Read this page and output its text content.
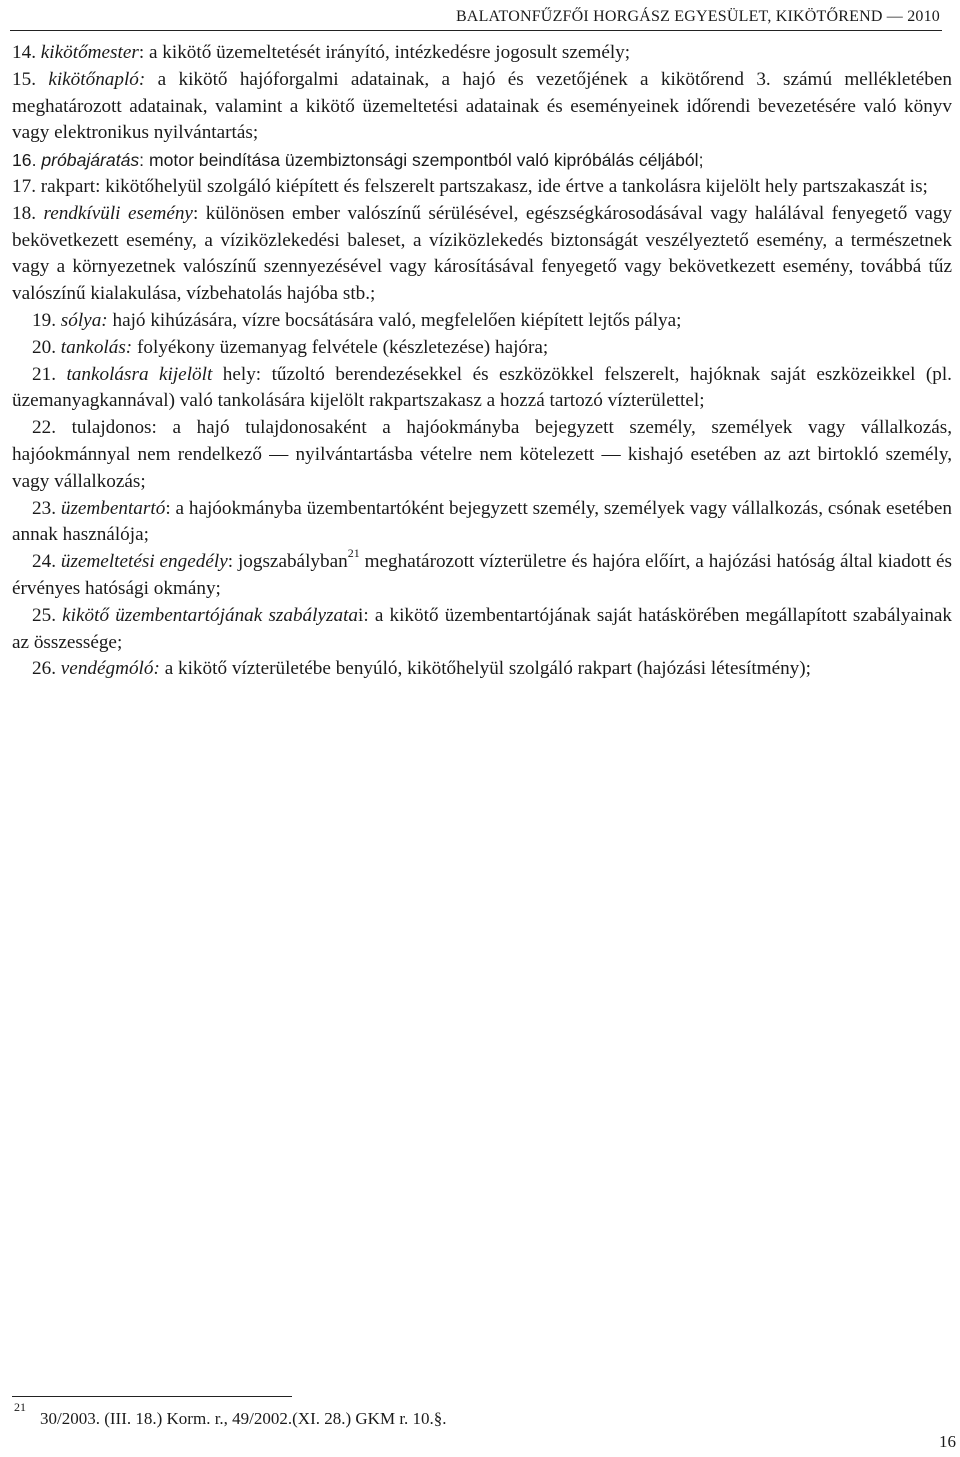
BALATONFŰZFŐI HORGÁSZ EGYESÜLET, KIKÖTŐREND — 2010

14. kikötőmester: a kikötő üzemeltetését irányító, intézkedésre jogosult személy;

15. kikötőnapló: a kikötő hajóforgalmi adatainak, a hajó és vezetőjének a kikötőrend 3. számú mellékletében meghatározott adatainak, valamint a kikötő üzemeltetési adatainak és eseményeinek időrendi bevezetésére való könyv vagy elektronikus nyilvántartás;

16. próbajáratás: motor beindítása üzembiztonsági szempontból való kipróbálás céljából;

17. rakpart: kikötőhelyül szolgáló kiépített és felszerelt partszakasz, ide értve a tankolásra kijelölt hely partszakaszát is;

18. rendkívüli esemény: különösen ember valószínű sérülésével, egészségkárosodásával vagy halálával fenyegető vagy bekövetkezett esemény, a víziközlekedési baleset, a víziközlekedés biztonságát veszélyeztető esemény, a természetnek vagy a környezetnek valószínű szennyezésével vagy károsításával fenyegető vagy bekövetkezett esemény, továbbá tűz valószínű kialakulása, vízbehatolás hajóba stb.;

19. sólya: hajó kihúzására, vízre bocsátására való, megfelelően kiépített lejtős pálya;

20. tankolás: folyékony üzemanyag felvétele (készletezése) hajóra;

21. tankolásra kijelölt hely: tűzoltó berendezésekkel és eszközökkel felszerelt, hajóknak saját eszközeikkel (pl. üzemanyagkannával) való tankolására kijelölt rakpartszakasz a hozzá tartozó vízterülettel;

22. tulajdonos: a hajó tulajdonosaként a hajóokmányba bejegyzett személy, személyek vagy vállalkozás, hajóokmánnyal nem rendelkező — nyilvántartásba vételre nem kötelezett — kishajó esetében az azt birtokló személy, vagy vállalkozás;

23. üzembentartó: a hajóokmányba üzembentartóként bejegyzett személy, személyek vagy vállalkozás, csónak esetében annak használója;

24. üzemeltetési engedély: jogszabályban$^{21}$ meghatározott vízterületre és hajóra előírt, a hajózási hatóság által kiadott és érvényes hatósági okmány;

25. kikötő üzembentartójának szabályzatai: a kikötő üzembentartójának saját hatáskörében megállapított szabályainak az összessége;

26. vendégmóló: a kikötő vízterületébe benyúló, kikötőhelyül szolgáló rakpart (hajózási létesítmény);

$^{21}$30/2003. (III. 18.) Korm. r., 49/2002.(XI. 28.) GKM r. 10.§.
16
